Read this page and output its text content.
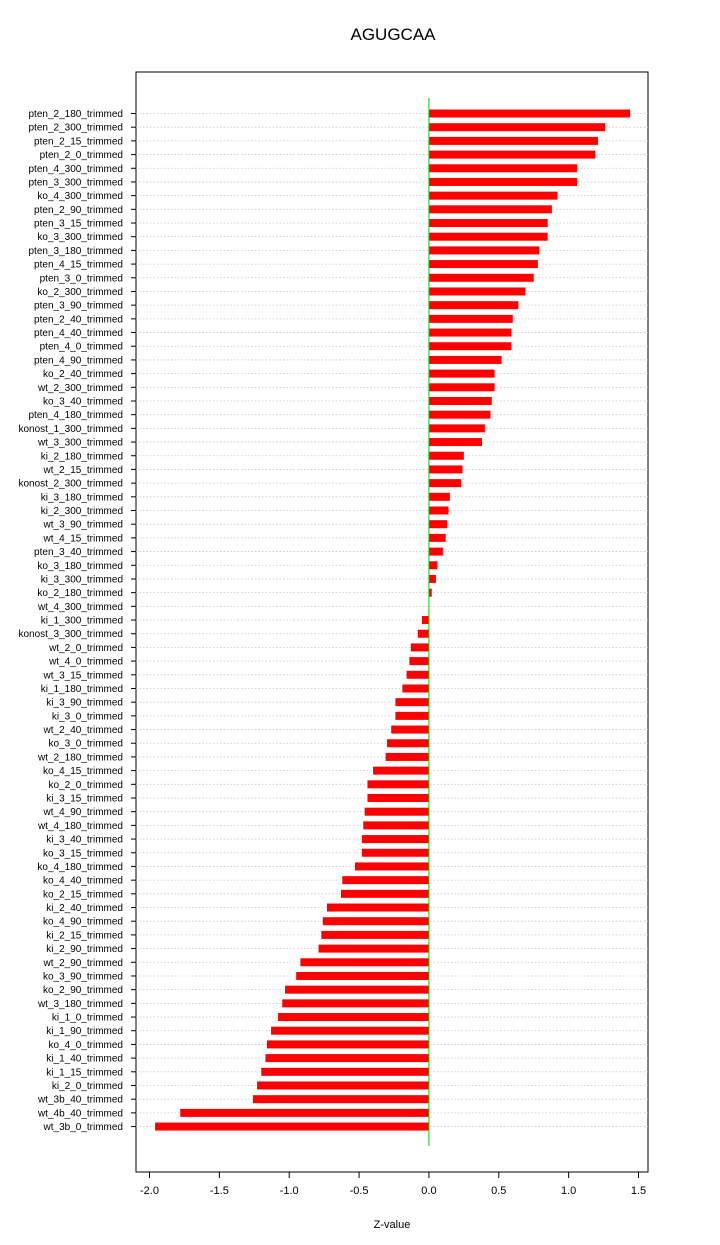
AGUGCAA
pten_2_180_trimmed
pten_2_300_trimmed
pten_2_15_trimmed
pten_2_0_trimmed
pten_4_300_trimmed
pten_3_300_trimmed
ko_4_300_trimmed
pten_2_90_trimmed
pten_3_15_trimmed
ko_3_300_trimmed
pten_3_180_trimmed
pten_4_15_trimmed
pten_3_0_trimmed
ko_2_300_trimmed
pten_3_90_trimmed
pten_2_40_trimmed
pten_4_40_trimmed
pten_4_0_trimmed
pten_4_90_trimmed
ko_2_40_trimmed
wt_2_300_trimmed
ko_3_40_trimmed
pten_4_180_trimmed
konost_1_300_trimmed
wt_3_300_trimmed
ki_2_180_trimmed
wt_2_15_trimmed
konost_2_300_trimmed
ki_3_180_trimmed
ki_2_300_trimmed
wt_3_90_trimmed
wt_4_15_trimmed
pten_3_40_trimmed
ko_3_180_trimmed
ki_3_300_trimmed
ko_2_180_trimmed
wt_4_300_trimmed
ki_1_300_trimmed
konost_3_300_trimmed
wt_2_0_trimmed
wt_4_0_trimmed
wt_3_15_trimmed
ki_1_180_trimmed
ki_3_90_trimmed
ki_3_0_trimmed
wt_2_40_trimmed
ko_3_0_trimmed
wt_2_180_trimmed
ko_4_15_trimmed
ko_2_0_trimmed
ki_3_15_trimmed
wt_4_90_trimmed
wt_4_180_trimmed
ki_3_40_trimmed
ko_3_15_trimmed
ko_4_180_trimmed
ko_4_40_trimmed
ko_2_15_trimmed
ki_2_40_trimmed
ko_4_90_trimmed
ki_2_15_trimmed
ki_2_90_trimmed
wt_2_90_trimmed
ko_3_90_trimmed
ko_2_90_trimmed
wt_3_180_trimmed
ki_1_0_trimmed
ki_1_90_trimmed
ko_4_0_trimmed
ki_1_40_trimmed
ki_1_15_trimmed
ki_2_0_trimmed
wt_3b_40_trimmed
wt_4b_40_trimmed
wt_3b_0_trimmed
-2.0	-1.5	-1.0	-0.5	0.0	0.5	1.0	1.5
Z-value
